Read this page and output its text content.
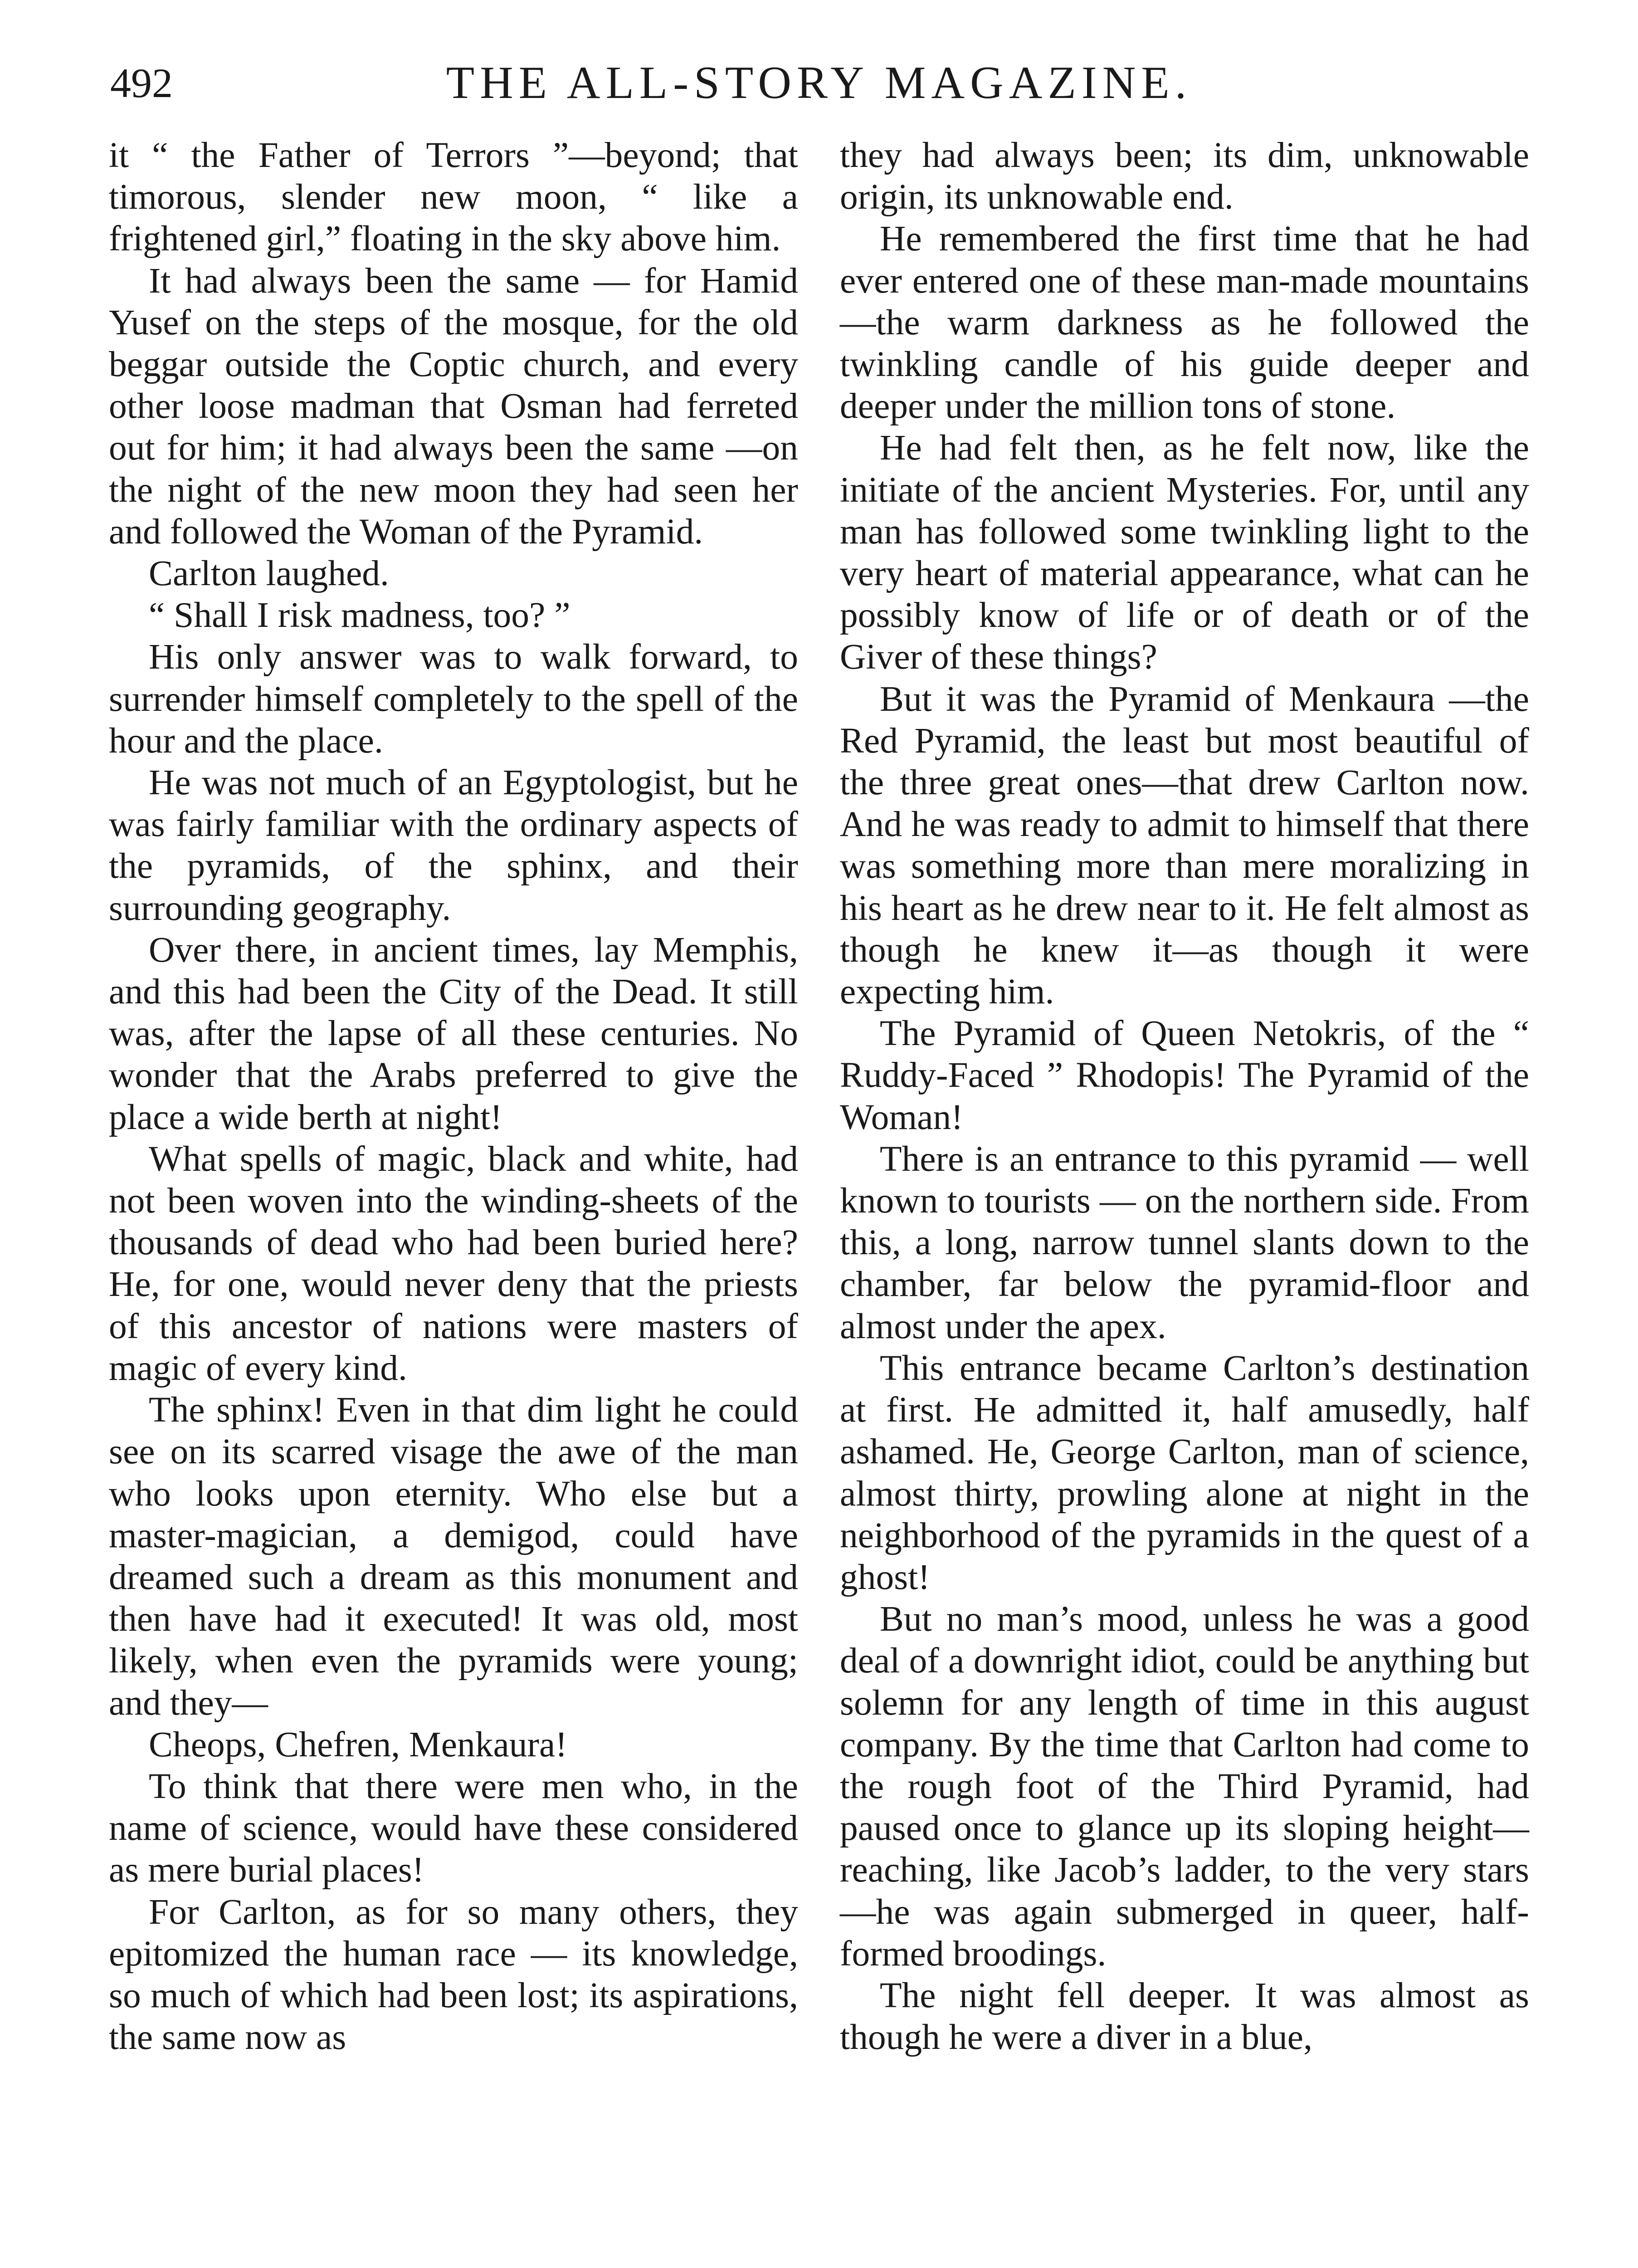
492	THE ALL-STORY MAGAZINE.

it “ the Father of Terrors ”—beyond; that timorous, slender new moon, “ like a frightened girl,” floating in the sky above him.

It had always been the same — for Hamid Yusef on the steps of the mosque, for the old beggar outside the Coptic church, and every other loose madman that Osman had ferreted out for him; it had always been the same —on the night of the new moon they had seen her and followed the Woman of the Pyramid.

Carlton laughed.

“ Shall I risk madness, too? ”

His only answer was to walk forward, to surrender himself completely to the spell of the hour and the place.

He was not much of an Egyptologist, but he was fairly familiar with the ordinary aspects of the pyramids, of the sphinx, and their surrounding geography.

Over there, in ancient times, lay Memphis, and this had been the City of the Dead. It still was, after the lapse of all these centuries. No wonder that the Arabs preferred to give the place a wide berth at night!

What spells of magic, black and white, had not been woven into the winding-sheets of the thousands of dead who had been buried here? He, for one, would never deny that the priests of this ancestor of nations were masters of magic of every kind.

The sphinx! Even in that dim light he could see on its scarred visage the awe of the man who looks upon eternity. Who else but a master-magician, a demigod, could have dreamed such a dream as this monument and then have had it executed! It was old, most likely, when even the pyramids were young; and they—

Cheops, Chefren, Menkaura!

To think that there were men who, in the name of science, would have these considered as mere burial places!

For Carlton, as for so many others, they epitomized the human race — its knowledge, so much of which had been lost; its aspirations, the same now as

they had always been; its dim, unknowable origin, its unknowable end.

He remembered the first time that he had ever entered one of these man-made mountains—the warm darkness as he followed the twinkling candle of his guide deeper and deeper under the million tons of stone.

He had felt then, as he felt now, like the initiate of the ancient Mysteries. For, until any man has followed some twinkling light to the very heart of material appearance, what can he possibly know of life or of death or of the Giver of these things?

But it was the Pyramid of Menkaura —the Red Pyramid, the least but most beautiful of the three great ones—that drew Carlton now. And he was ready to admit to himself that there was something more than mere moralizing in his heart as he drew near to it. He felt almost as though he knew it—as though it were expecting him.

The Pyramid of Queen Netokris, of the “ Ruddy-Faced ” Rhodopis! The Pyramid of the Woman!

There is an entrance to this pyramid — well known to tourists — on the northern side. From this, a long, narrow tunnel slants down to the chamber, far below the pyramid-floor and almost under the apex.

This entrance became Carlton’s destination at first. He admitted it, half amusedly, half ashamed. He, George Carlton, man of science, almost thirty, prowling alone at night in the neighborhood of the pyramids in the quest of a ghost!

But no man’s mood, unless he was a good deal of a downright idiot, could be anything but solemn for any length of time in this august company. By the time that Carlton had come to the rough foot of the Third Pyramid, had paused once to glance up its sloping height—reaching, like Jacob’s ladder, to the very stars—he was again submerged in queer, half-formed broodings.

The night fell deeper. It was almost as though he were a diver in a blue,
